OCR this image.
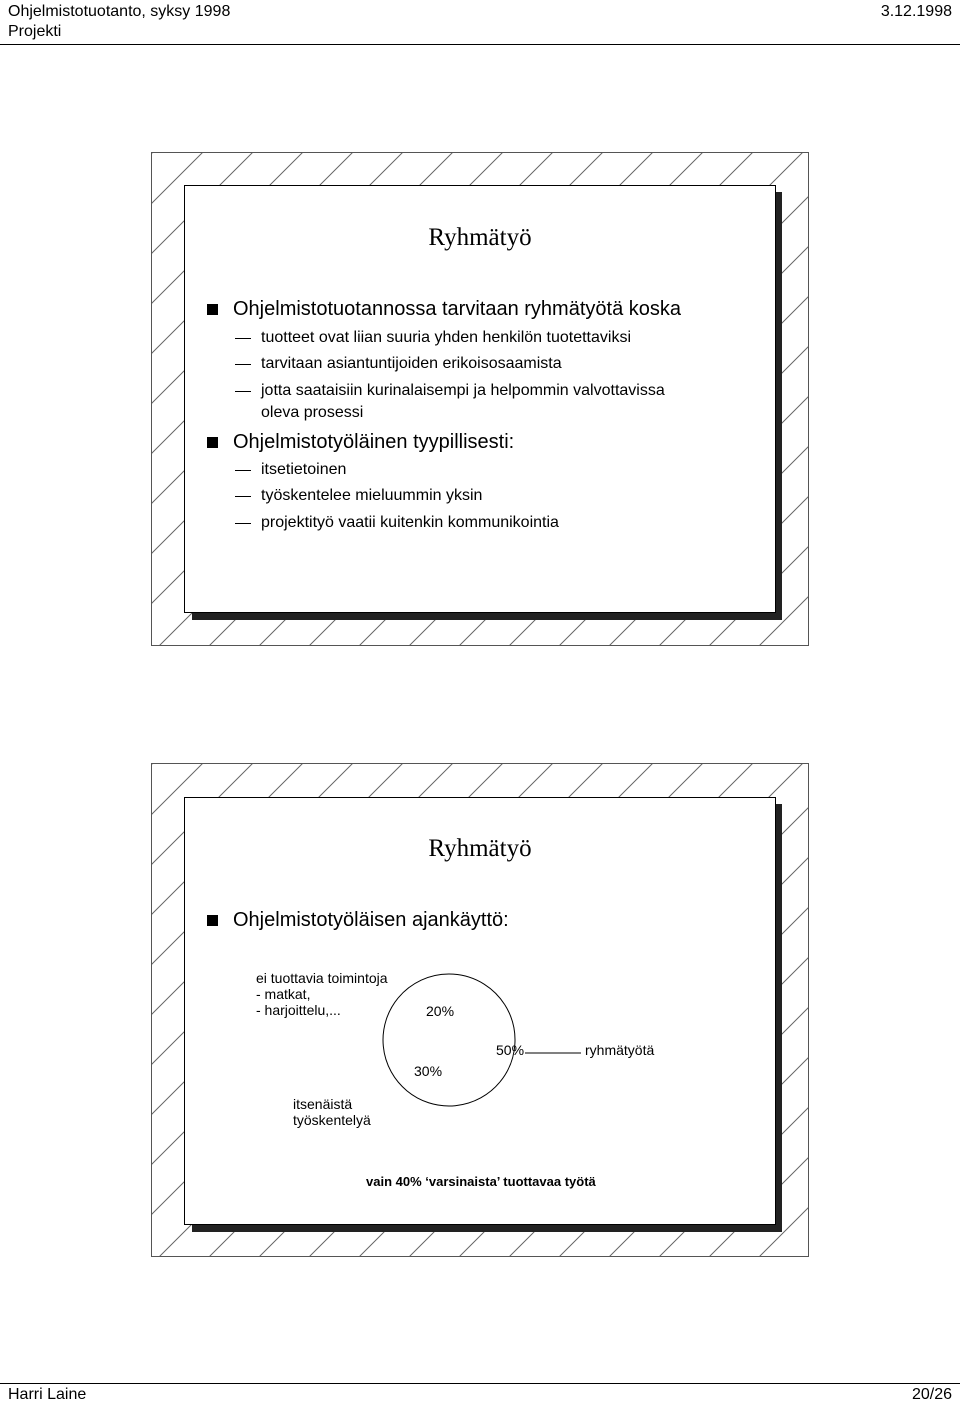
Ohjelmistotuotanto, syksy 1998
Projekti
3.12.1998
Ryhmätyö
Ohjelmistotuotannossa tarvitaan ryhmätyötä koska
tuotteet ovat liian suuria yhden henkilön tuotettaviksi
tarvitaan asiantuntijoiden erikoisosaamista
jotta saataisiin kurinalaisempi ja helpommin valvottavissa
oleva prosessi
Ohjelmistotyöläinen tyypillisesti:
itsetietoinen
työskentelee mieluummin yksin
projektityö vaatii kuitenkin kommunikointia
Ryhmätyö
Ohjelmistotyöläisen ajankäyttö:
ei tuottavia toimintoja
- matkat,
- harjoittelu,...	20%
50%	ryhmätyötä
30%
itsenäistä
työskentelyä
vain 40% ‘varsinaista’ tuottavaa työtä
Harri Laine	20/26
